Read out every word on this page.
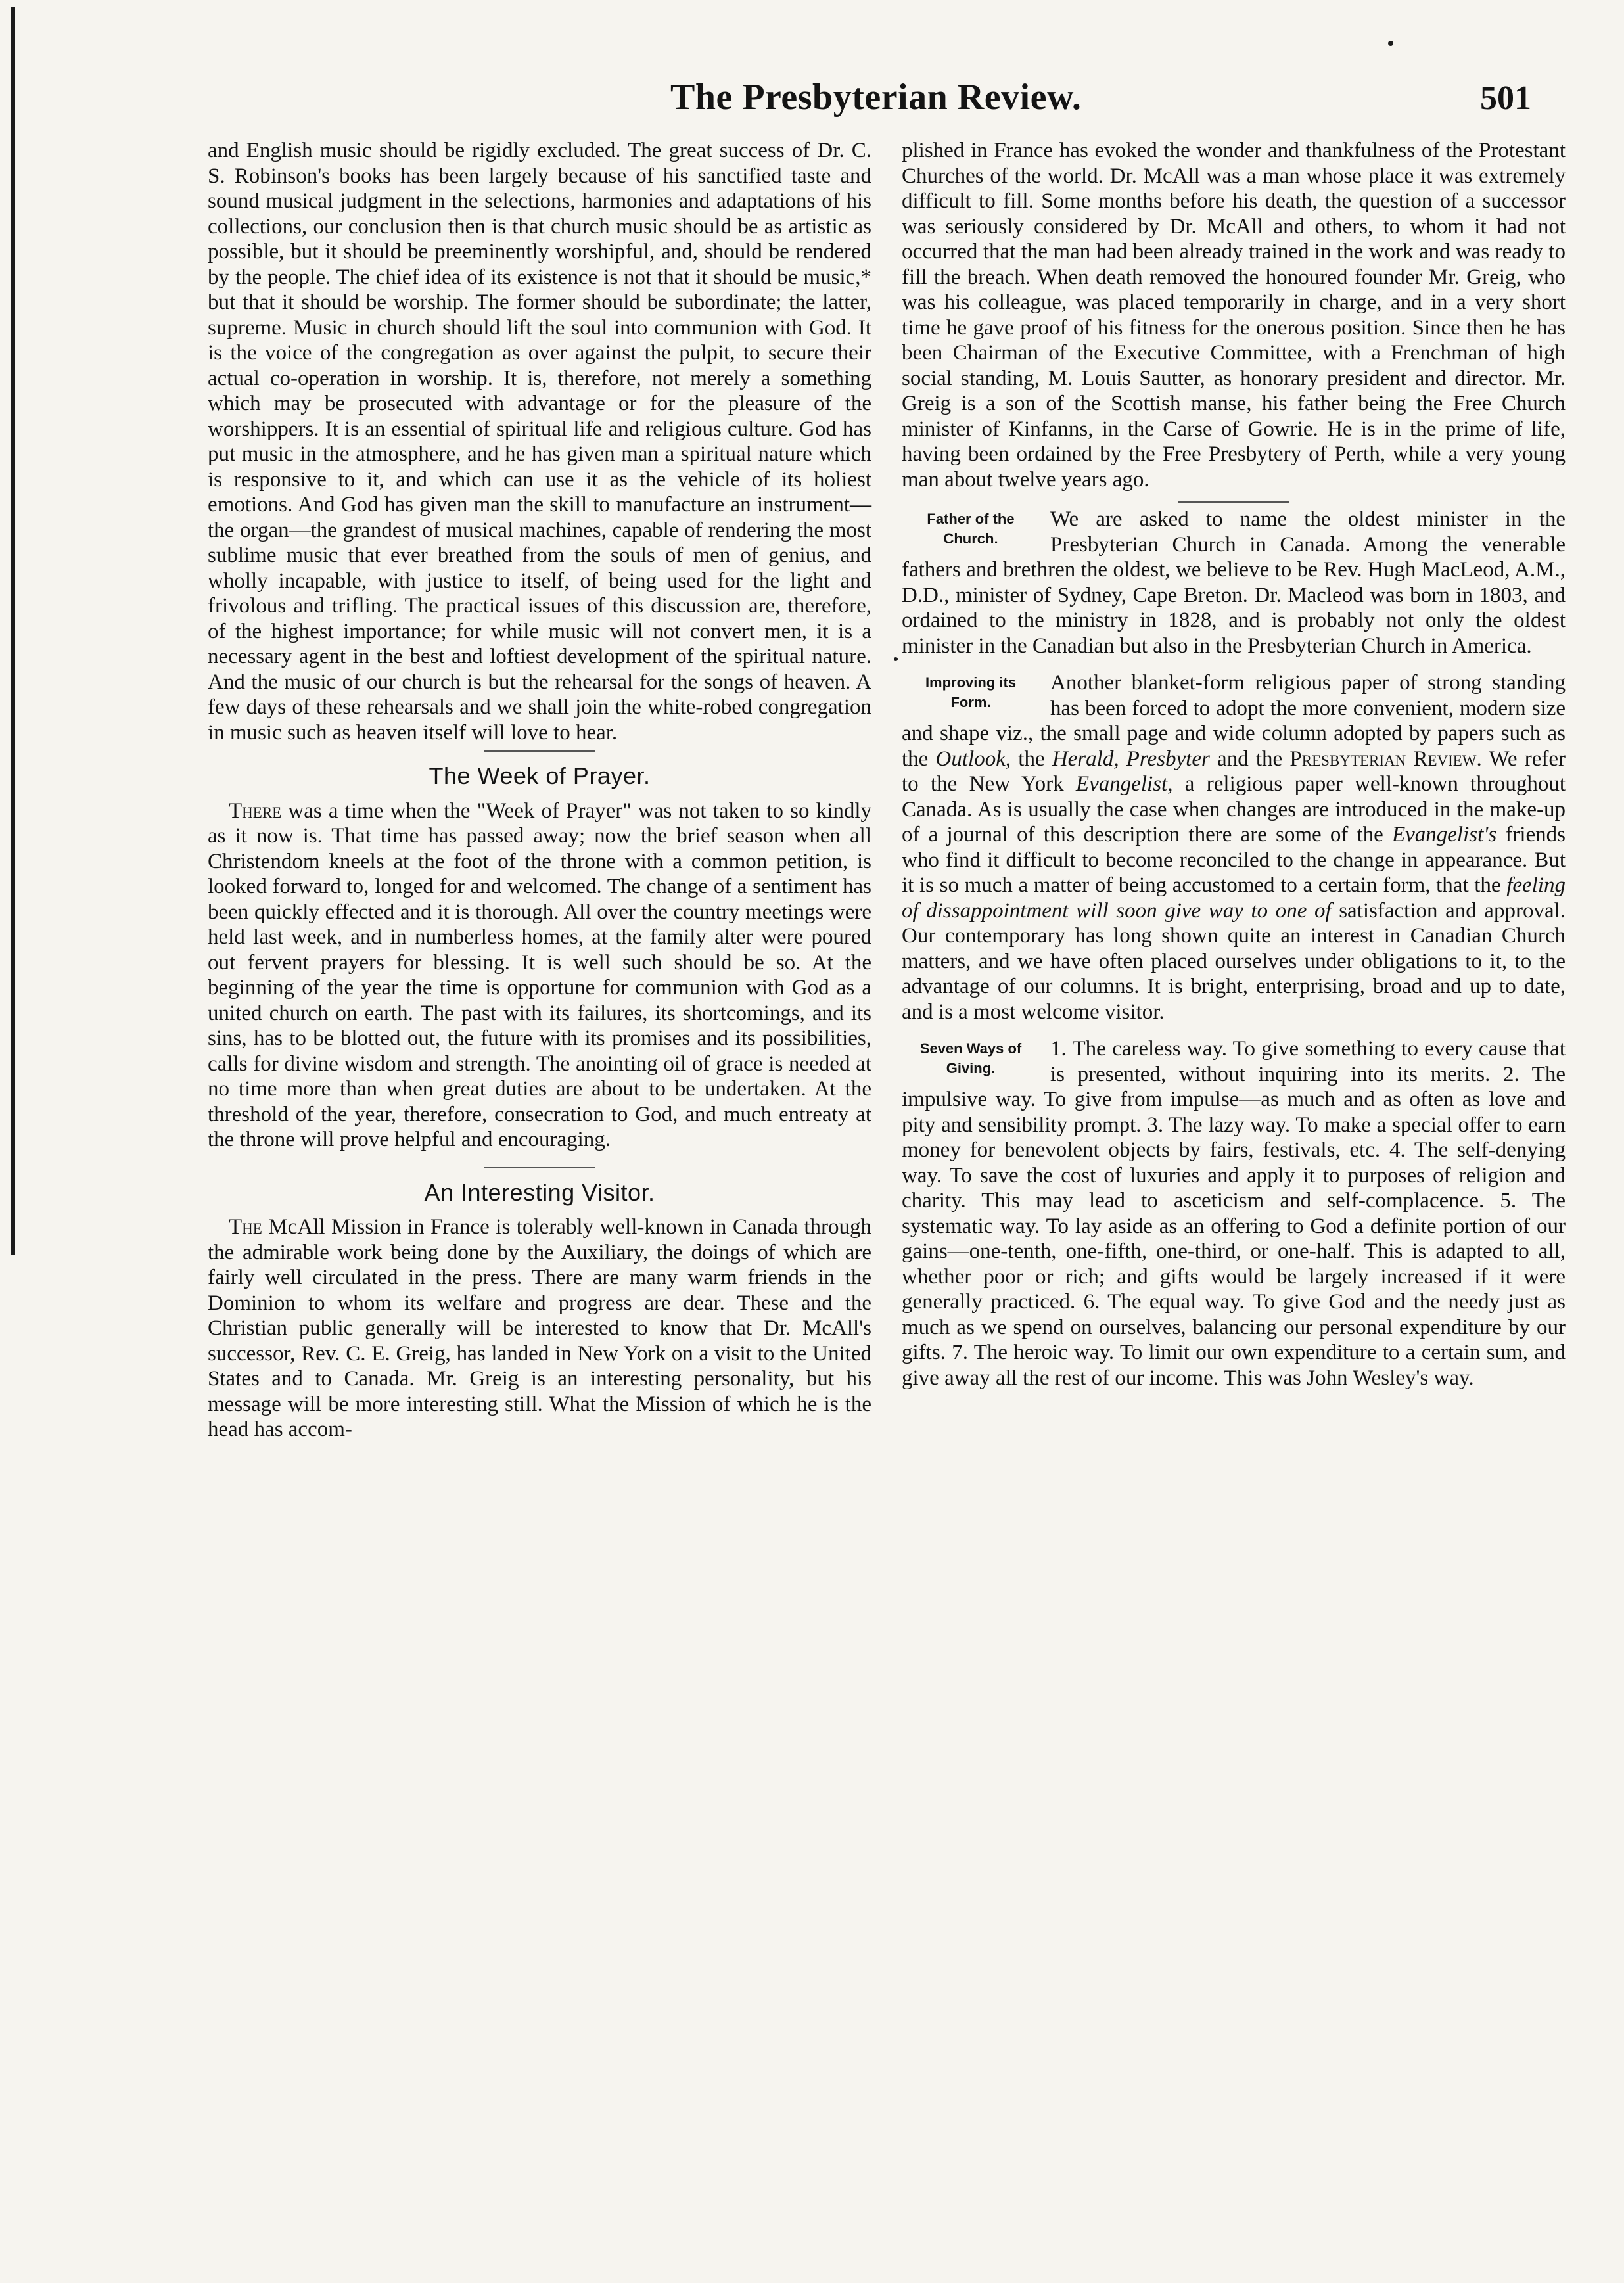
The Presbyterian Review.	501

and English music should be rigidly excluded. The great success of Dr. C. S. Robinson's books has been largely because of his sanctified taste and sound musical judgment in the selections, harmonies and adaptations of his collections, our conclusion then is that church music should be as artistic as possible, but it should be preeminently worshipful, and, should be rendered by the people. The chief idea of its existence is not that it should be music,* but that it should be worship. The former should be subordinate; the latter, supreme. Music in church should lift the soul into communion with God. It is the voice of the congregation as over against the pulpit, to secure their actual co-operation in worship. It is, therefore, not merely a something which may be prosecuted with advantage or for the pleasure of the worshippers. It is an essential of spiritual life and religious culture. God has put music in the atmosphere, and he has given man a spiritual nature which is responsive to it, and which can use it as the vehicle of its holiest emotions. And God has given man the skill to manufacture an instrument—the organ—the grandest of musical machines, capable of rendering the most sublime music that ever breathed from the souls of men of genius, and wholly incapable, with justice to itself, of being used for the light and frivolous and trifling. The practical issues of this discussion are, therefore, of the highest importance; for while music will not convert men, it is a necessary agent in the best and loftiest development of the spiritual nature. And the music of our church is but the rehearsal for the songs of heaven. A few days of these rehearsals and we shall join the white-robed congregation in music such as heaven itself will love to hear.

The Week of Prayer.

There was a time when the "Week of Prayer" was not taken to so kindly as it now is. That time has passed away; now the brief season when all Christendom kneels at the foot of the throne with a common petition, is looked forward to, longed for and welcomed. The change of a sentiment has been quickly effected and it is thorough. All over the country meetings were held last week, and in numberless homes, at the family alter were poured out fervent prayers for blessing. It is well such should be so. At the beginning of the year the time is opportune for communion with God as a united church on earth. The past with its failures, its shortcomings, and its sins, has to be blotted out, the future with its promises and its possibilities, calls for divine wisdom and strength. The anointing oil of grace is needed at no time more than when great duties are about to be undertaken. At the threshold of the year, therefore, consecration to God, and much entreaty at the throne will prove helpful and encouraging.

An Interesting Visitor.

The McAll Mission in France is tolerably well-known in Canada through the admirable work being done by the Auxiliary, the doings of which are fairly well circulated in the press. There are many warm friends in the Dominion to whom its welfare and progress are dear. These and the Christian public generally will be interested to know that Dr. McAll's successor, Rev. C. E. Greig, has landed in New York on a visit to the United States and to Canada. Mr. Greig is an interesting personality, but his message will be more interesting still. What the Mission of which he is the head has accom-

plished in France has evoked the wonder and thankfulness of the Protestant Churches of the world. Dr. McAll was a man whose place it was extremely difficult to fill. Some months before his death, the question of a successor was seriously considered by Dr. McAll and others, to whom it had not occurred that the man had been already trained in the work and was ready to fill the breach. When death removed the honoured founder Mr. Greig, who was his colleague, was placed temporarily in charge, and in a very short time he gave proof of his fitness for the onerous position. Since then he has been Chairman of the Executive Committee, with a Frenchman of high social standing, M. Louis Sautter, as honorary president and director. Mr. Greig is a son of the Scottish manse, his father being the Free Church minister of Kinfanns, in the Carse of Gowrie. He is in the prime of life, having been ordained by the Free Presbytery of Perth, while a very young man about twelve years ago.

Father of the
Church.

We are asked to name the oldest minister in the Presbyterian Church in Canada. Among the venerable fathers and brethren the oldest, we believe to be Rev. Hugh MacLeod, A.M., D.D., minister of Sydney, Cape Breton. Dr. Macleod was born in 1803, and ordained to the ministry in 1828, and is probably not only the oldest minister in the Canadian but also in the Presbyterian Church in America.

Improving its
Form.

Another blanket-form religious paper of strong standing has been forced to adopt the more convenient, modern size and shape viz., the small page and wide column adopted by papers such as the Outlook, the Herald, Presbyter and the Presbyterian Review. We refer to the New York Evangelist, a religious paper well-known throughout Canada. As is usually the case when changes are introduced in the make-up of a journal of this description there are some of the Evangelist's friends who find it difficult to become reconciled to the change in appearance. But it is so much a matter of being accustomed to a certain form, that the feeling of dissappointment will soon give way to one of satisfaction and approval. Our contemporary has long shown quite an interest in Canadian Church matters, and we have often placed ourselves under obligations to it, to the advantage of our columns. It is bright, enterprising, broad and up to date, and is a most welcome visitor.

Seven Ways of
Giving.

1. The careless way. To give something to every cause that is presented, without inquiring into its merits. 2. The impulsive way. To give from impulse—as much and as often as love and pity and sensibility prompt. 3. The lazy way. To make a special offer to earn money for benevolent objects by fairs, festivals, etc. 4. The self-denying way. To save the cost of luxuries and apply it to purposes of religion and charity. This may lead to asceticism and self-complacence. 5. The systematic way. To lay aside as an offering to God a definite portion of our gains—one-tenth, one-fifth, one-third, or one-half. This is adapted to all, whether poor or rich; and gifts would be largely increased if it were generally practiced. 6. The equal way. To give God and the needy just as much as we spend on ourselves, balancing our personal expenditure by our gifts. 7. The heroic way. To limit our own expenditure to a certain sum, and give away all the rest of our income. This was John Wesley's way.
